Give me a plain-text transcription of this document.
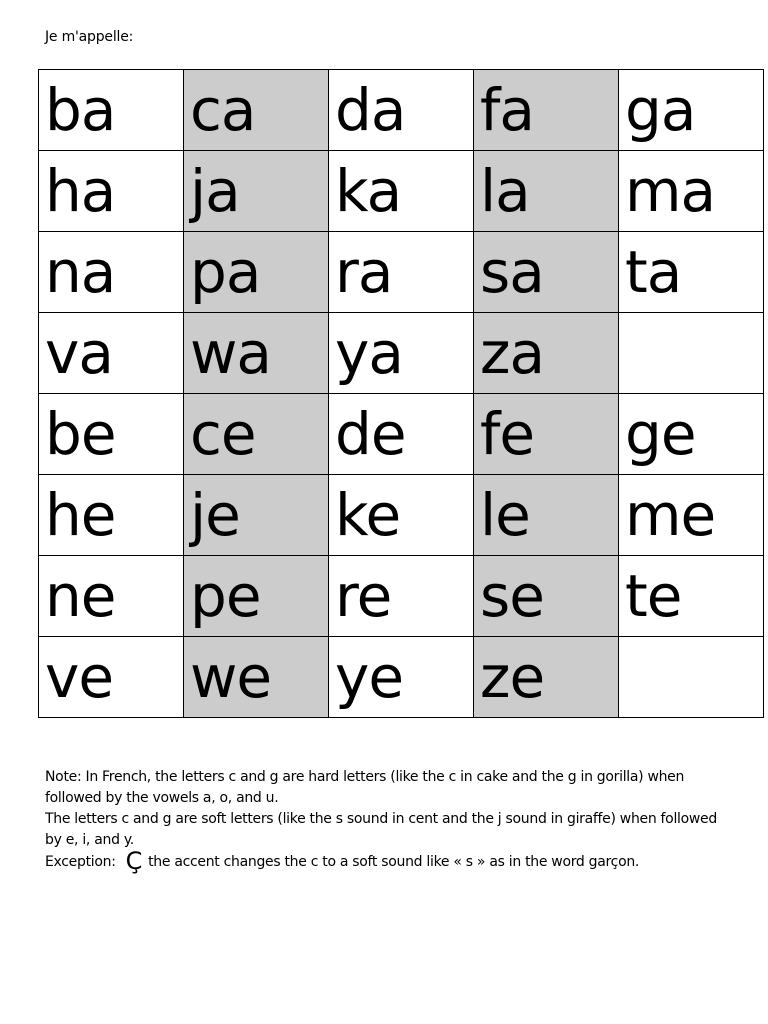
Je m'appelle:
ba	ca	da	fa	ga
ha	ja	ka	la	ma
na	pa	ra	sa	ta
va	wa	ya	za	
be	ce	de	fe	ge
he	je	ke	le	me
ne	pe	re	se	te
ve	we	ye	ze	

Note: In French, the letters c and g are hard letters (like the c in cake and the g in gorilla) when followed by the vowels a, o, and u.

The letters c and g are soft letters (like the s sound in cent and the j sound in giraffe) when followed by e, i, and y.

Exception: Ç the accent changes the c to a soft sound like « s » as in the word garçon.
